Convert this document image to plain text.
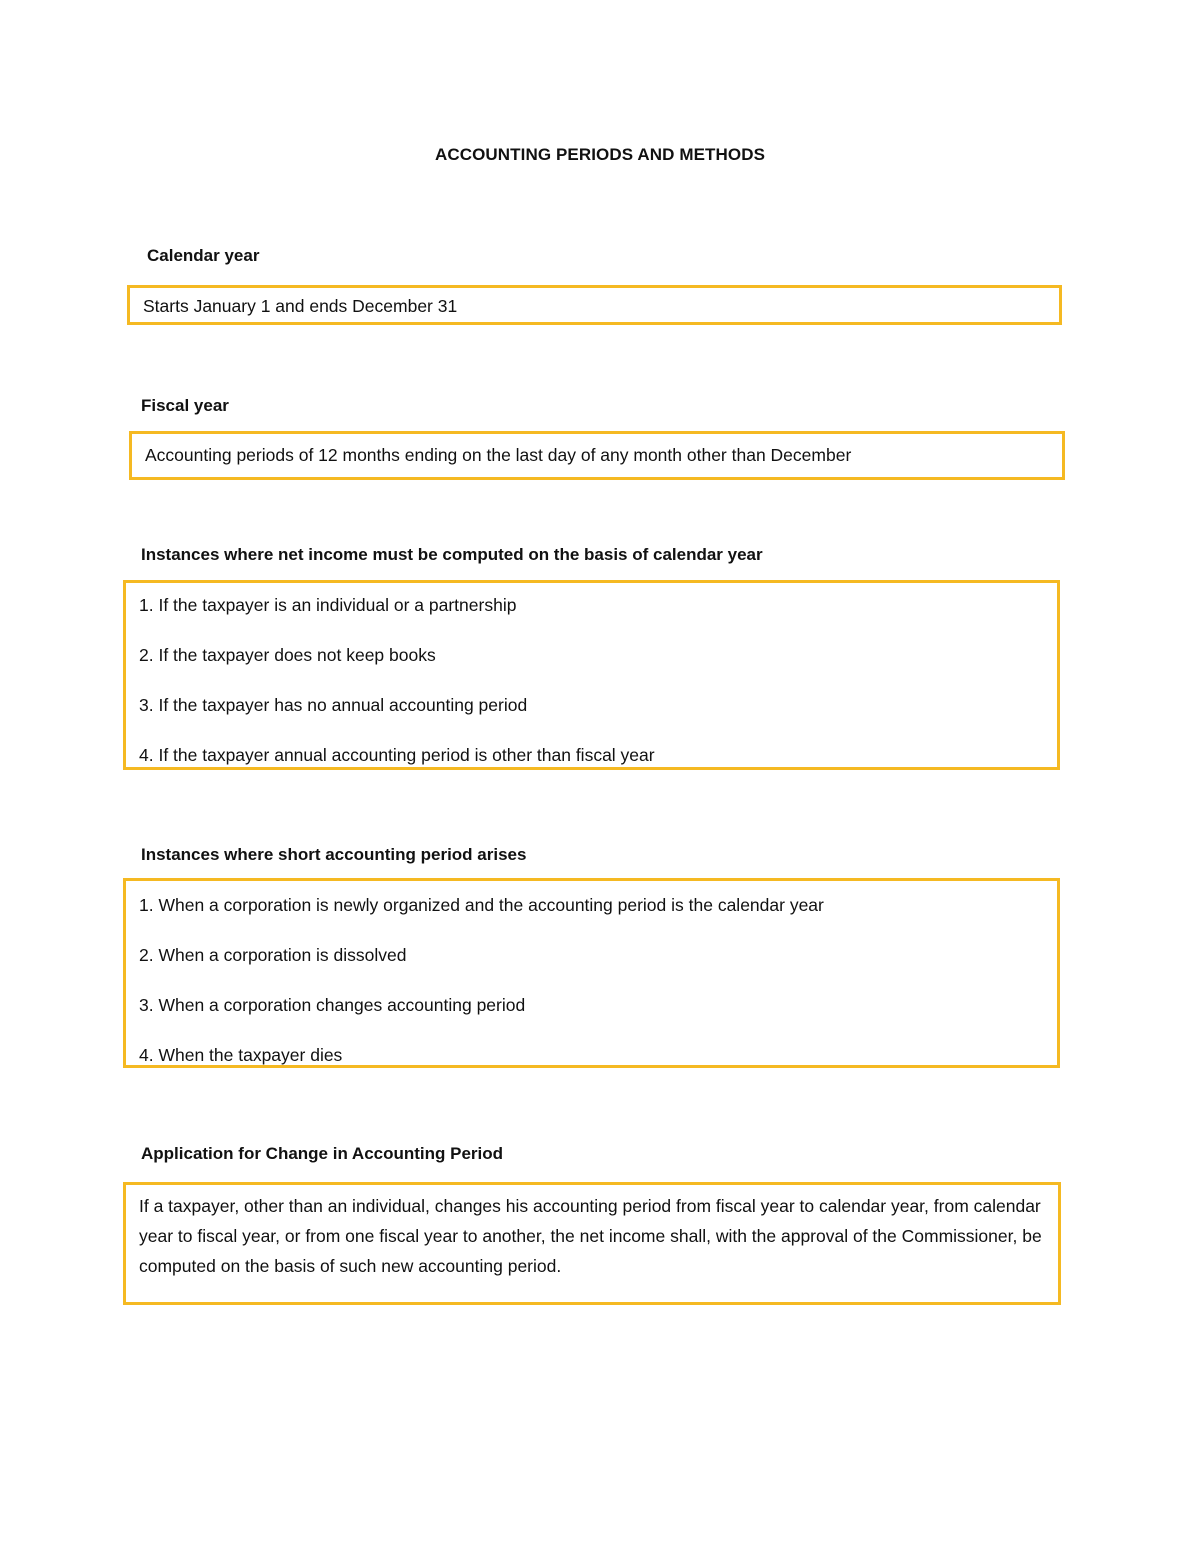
ACCOUNTING PERIODS AND METHODS
Calendar year
Starts January 1 and ends December 31
Fiscal year
Accounting periods of 12 months ending on the last day of any month other than December
Instances where net income must be computed on the basis of calendar year
1. If the taxpayer is an individual or a partnership
2. If the taxpayer does not keep books
3. If the taxpayer has no annual accounting period
4. If the taxpayer annual accounting period is other than fiscal year
Instances where short accounting period arises
1. When a corporation is newly organized and the accounting period is the calendar year
2. When a corporation is dissolved
3. When a corporation changes accounting period
4. When the taxpayer dies
Application for Change in Accounting Period

If a taxpayer, other than an individual, changes his accounting period from fiscal year to calendar year, from calendar year to fiscal year, or from one fiscal year to another, the net income shall, with the approval of the Commissioner, be computed on the basis of such new accounting period.
